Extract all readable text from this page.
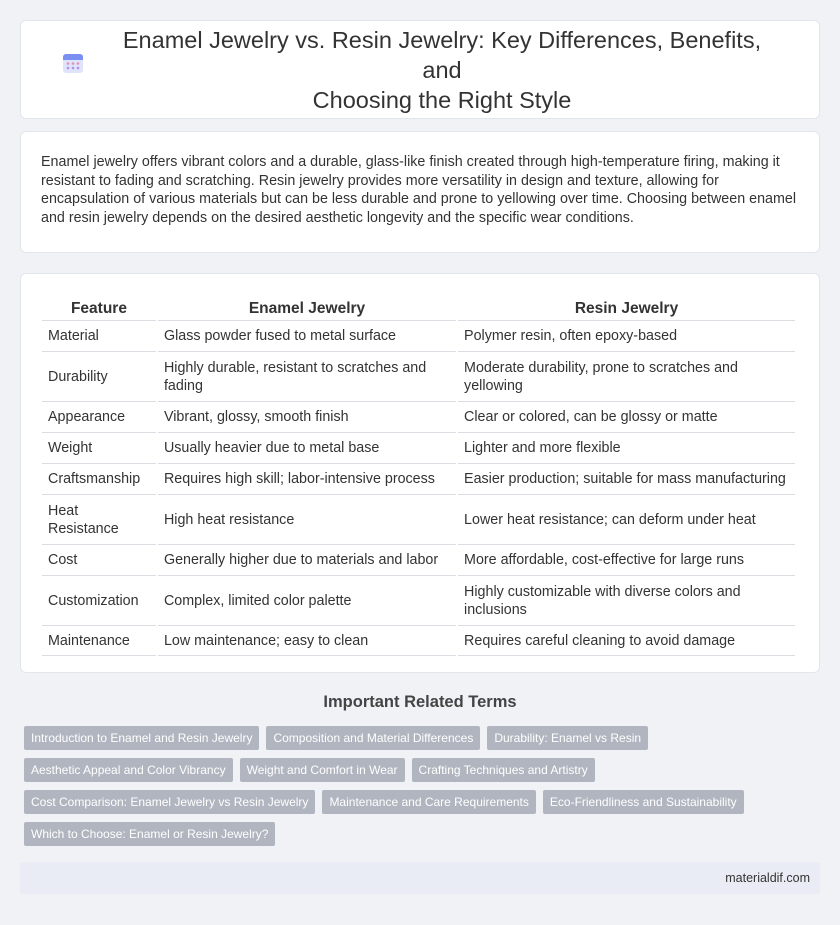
Enamel Jewelry vs. Resin Jewelry: Key Differences, Benefits, and
Choosing the Right Style

Enamel jewelry offers vibrant colors and a durable, glass-like finish created through high-temperature firing, making it resistant to fading and scratching. Resin jewelry provides more versatility in design and texture, allowing for encapsulation of various materials but can be less durable and prone to yellowing over time. Choosing between enamel and resin jewelry depends on the desired aesthetic longevity and the specific wear conditions.

Feature	Enamel Jewelry	Resin Jewelry
Material	Glass powder fused to metal surface	Polymer resin, often epoxy-based
Durability	Highly durable, resistant to scratches and fading	Moderate durability, prone to scratches and yellowing
Appearance	Vibrant, glossy, smooth finish	Clear or colored, can be glossy or matte
Weight	Usually heavier due to metal base	Lighter and more flexible
Craftsmanship	Requires high skill; labor-intensive process	Easier production; suitable for mass manufacturing
Heat Resistance	High heat resistance	Lower heat resistance; can deform under heat
Cost	Generally higher due to materials and labor	More affordable, cost-effective for large runs
Customization	Complex, limited color palette	Highly customizable with diverse colors and inclusions
Maintenance	Low maintenance; easy to clean	Requires careful cleaning to avoid damage
Important Related Terms
Introduction to Enamel and Resin Jewelry	Composition and Material Differences	Durability: Enamel vs Resin
Aesthetic Appeal and Color Vibrancy	Weight and Comfort in Wear	Crafting Techniques and Artistry
Cost Comparison: Enamel Jewelry vs Resin Jewelry	Maintenance and Care Requirements	Eco-Friendliness and Sustainability
Which to Choose: Enamel or Resin Jewelry?
materialdif.com
